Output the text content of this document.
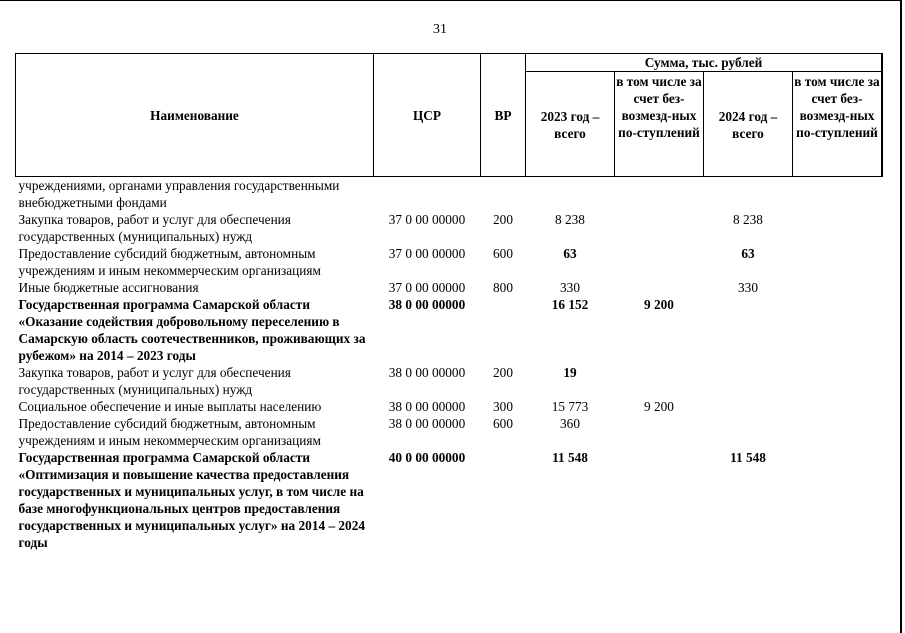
31
Наименование	ЦСР	ВР	Сумма, тыс. рублей			
			2023 год – всего	в том числе за счет без-возмезд-ных по-ступлений	2024 год – всего	в том числе за счет без-возмезд-ных по-ступлений
учреждениями, органами управления государственными внебюджетными фондами						
Закупка товаров, работ и услуг для обеспечения государственных (муниципальных) нужд	37 0 00 00000	200	8 238		8 238	
Предоставление субсидий бюджетным, автономным учреждениям и иным некоммерческим организациям	37 0 00 00000	600	63		63	
Иные бюджетные ассигнования	37 0 00 00000	800	330		330	
Государственная программа Самарской области «Оказание содействия добровольному переселению в Самарскую область соотечественников, проживающих за рубежом» на 2014 – 2023 годы	38 0 00 00000		16 152	9 200		
Закупка товаров, работ и услуг для обеспечения государственных (муниципальных) нужд	38 0 00 00000	200	19			
Социальное обеспечение и иные выплаты населению	38 0 00 00000	300	15 773	9 200		
Предоставление субсидий бюджетным, автономным учреждениям и иным некоммерческим организациям	38 0 00 00000	600	360			
Государственная программа Самарской области «Оптимизация и повышение качества предоставления государственных и муниципальных услуг, в том числе на базе многофункциональных центров предоставления государственных и муниципальных услуг» на 2014 – 2024 годы	40 0 00 00000		11 548		11 548	
